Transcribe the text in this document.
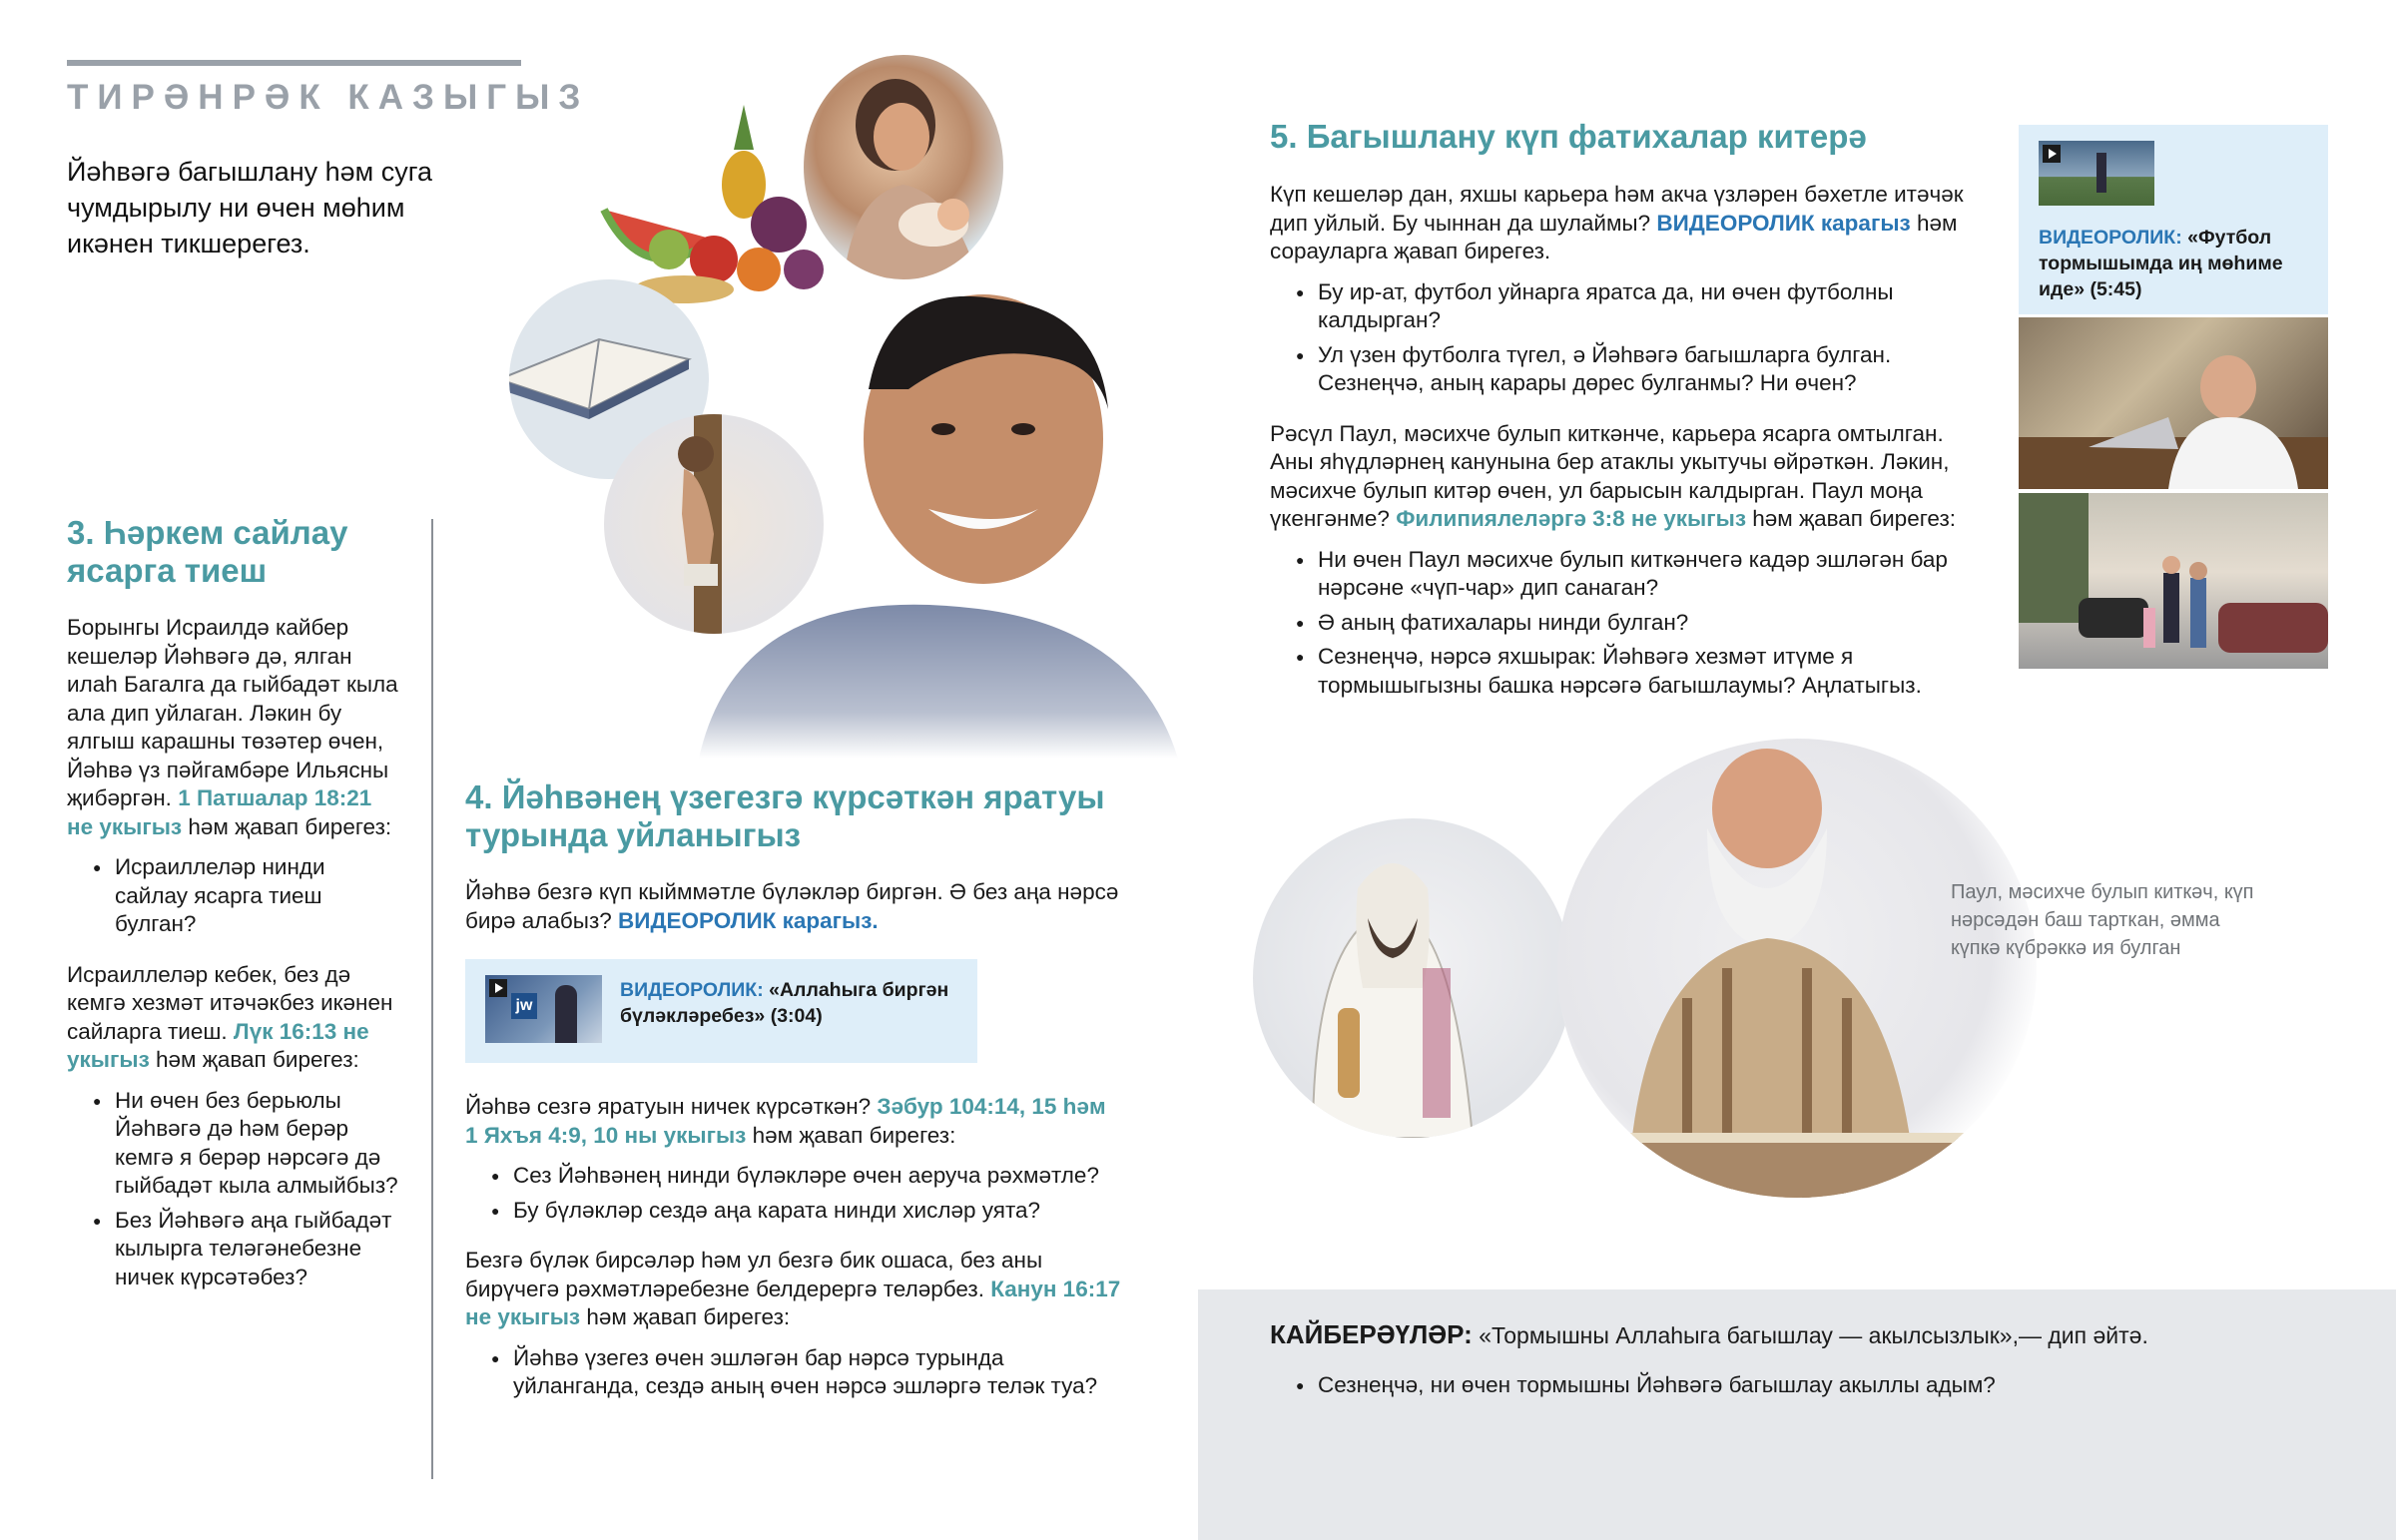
ТИРӘНРӘК КАЗЫГЫЗ
Йәһвәгә багышлану һәм суга чумдырылу ни өчен мөһим икәнен тикшерегез.
3. Һәркем сайлау ясарга тиеш

Борынгы Исраилдә кайбер кешеләр Йәһвәгә дә, ялган илаһ Багалга да гыйбадәт кыла ала дип уйлаган. Ләкин бу ялгыш карашны төзәтер өчен, Йәһвә үз пәйгамбәре Ильясны җибәргән. 1 Патшалар 18:21 не укыгыз һәм җавап бирегез:

● Исраиллеләр нинди сайлау ясарга тиеш булган?

Исраиллеләр кебек, без дә кемгә хезмәт итәчәкбез икәнен сайларга тиеш. Лүк 16:13 не укыгыз һәм җавап бирегез:

● Ни өчен без берьюлы Йәһвәгә дә һәм берәр кемгә я берәр нәрсәгә дә гыйбадәт кыла алмыйбыз?
● Без Йәһвәгә аңа гыйбадәт кылырга теләгәнебезне ничек күрсәтәбез?
4. Йәһвәнең үзегезгә күрсәткән яратуы турында уйланыгыз

Йәһвә безгә күп кыйммәтле бүләкләр биргән. Ә без аңа нәрсә бирә алабыз? ВИДЕОРОЛИК карагыз.

jw
ВИДЕОРОЛИК: «Аллаһыга биргән бүләкләребез» (3:04)

Йәһвә сезгә яратуын ничек күрсәткән? Зәбур 104:14, 15 һәм 1 Яхъя 4:9, 10 ны укыгыз һәм җавап бирегез:

● Сез Йәһвәнең нинди бүләкләре өчен аеруча рәхмәтле?
● Бу бүләкләр сездә аңа карата нинди хисләр уята?

Безгә бүләк бирсәләр һәм ул безгә бик ошаса, без аны бирүчегә рәхмәтләребезне белдерергә теләрбез. Канун 16:17 не укыгыз һәм җавап бирегез:

● Йәһвә үзегез өчен эшләгән бар нәрсә турында уйланганда, сездә аның өчен нәрсә эшләргә теләк туа?
5. Багышлану күп фатихалар китерә

Күп кешеләр дан, яхшы карьера һәм акча үзләрен бәхетле итәчәк дип уйлый. Бу чыннан да шулаймы? ВИДЕОРОЛИК карагыз һәм сорауларга җавап бирегез.

● Бу ир-ат, футбол уйнарга яратса да, ни өчен футболны калдырган?
● Ул үзен футболга түгел, ә Йәһвәгә багышларга булган. Сезнеңчә, аның карары дөрес булганмы? Ни өчен?

Рәсүл Паул, мәсихче булып киткәнче, карьера ясарга омтылган. Аны яһүдләрнең канунына бер атаклы укытучы өйрәткән. Ләкин, мәсихче булып китәр өчен, ул барысын калдырган. Паул моңа үкенгәнме? Филипиялеләргә 3:8 не укыгыз һәм җавап бирегез:

● Ни өчен Паул мәсихче булып киткәнчегә кадәр эшләгән бар нәрсәне «чүп-чар» дип санаган?
● Ә аның фатихалары нинди булган?
● Сезнеңчә, нәрсә яхшырак: Йәһвәгә хезмәт итүме я тормышыгызны башка нәрсәгә багышлаумы? Аңлатыгыз.
ВИДЕОРОЛИК: «Футбол тормышымда иң мөһиме иде» (5:45)
Паул, мәсихче булып киткәч, күп нәрсәдән баш тарткан, әмма күпкә күбрәккә ия булган
КАЙБЕРӘҮЛӘР: «Тормышны Аллаһыга багышлау — акылсызлык»,— дип әйтә.
● Сезнеңчә, ни өчен тормышны Йәһвәгә багышлау акыллы адым?
